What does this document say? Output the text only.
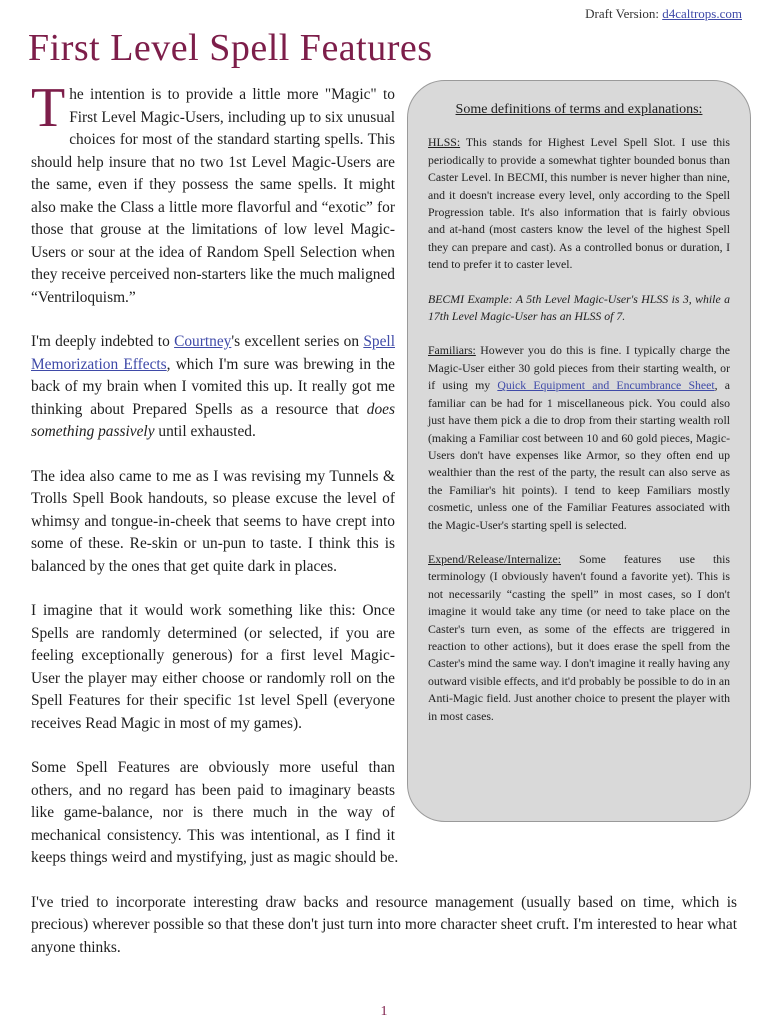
Draft Version: d4caltrops.com
First Level Spell Features
Some definitions of terms and explanations:

HLSS: This stands for Highest Level Spell Slot. I use this periodically to provide a somewhat tighter bounded bonus than Caster Level. In BECMI, this number is never higher than nine, and it doesn't increase every level, only according to the Spell Progression table. It's also information that is fairly obvious and at-hand (most casters know the level of the highest Spell they can prepare and cast). As a controlled bonus or duration, I tend to prefer it to caster level.

BECMI Example: A 5th Level Magic-User's HLSS is 3, while a 17th Level Magic-User has an HLSS of 7.

Familiars: However you do this is fine. I typically charge the Magic-User either 30 gold pieces from their starting wealth, or if using my Quick Equipment and Encumbrance Sheet, a familiar can be had for 1 miscellaneous pick. You could also just have them pick a die to drop from their starting wealth roll (making a Familiar cost between 10 and 60 gold pieces, Magic-Users don't have expenses like Armor, so they often end up wealthier than the rest of the party, the result can also serve as the Familiar's hit points). I tend to keep Familiars mostly cosmetic, unless one of the Familiar Features associated with the Magic-User's starting spell is selected.

Expend/Release/Internalize: Some features use this terminology (I obviously haven't found a favorite yet). This is not necessarily “casting the spell” in most cases, so I don't imagine it would take any time (or need to take place on the Caster's turn even, as some of the effects are triggered in reaction to other actions), but it does erase the spell from the Caster's mind the same way. I don't imagine it really having any outward visible effects, and it'd probably be possible to do in an Anti-Magic field. Just another choice to present the player with in most cases.

The intention is to provide a little more "Magic" to First Level Magic-Users, including up to six unusual choices for most of the standard starting spells. This should help insure that no two 1st Level Magic-Users are the same, even if they possess the same spells. It might also make the Class a little more flavorful and “exotic” for those that grouse at the limitations of low level Magic-Users or sour at the idea of Random Spell Selection when they receive perceived non-starters like the much maligned “Ventriloquism.”

I'm deeply indebted to Courtney's excellent series on Spell Memorization Effects, which I'm sure was brewing in the back of my brain when I vomited this up. It really got me thinking about Prepared Spells as a resource that does something passively until exhausted.

The idea also came to me as I was revising my Tunnels & Trolls Spell Book handouts, so please excuse the level of whimsy and tongue-in-cheek that seems to have crept into some of these. Re-skin or un-pun to taste. I think this is balanced by the ones that get quite dark in places.

I imagine that it would work something like this: Once Spells are randomly determined (or selected, if you are feeling exceptionally generous) for a first level Magic-User the player may either choose or randomly roll on the Spell Features for their specific 1st level Spell (everyone receives Read Magic in most of my games).

Some Spell Features are obviously more useful than others, and no regard has been paid to imaginary beasts like game-balance, nor is there much in the way of mechanical consistency. This was intentional, as I find it keeps things weird and mystifying, just as magic should be.

I've tried to incorporate interesting draw backs and resource management (usually based on time, which is precious) wherever possible so that these don't just turn into more character sheet cruft. I'm interested to hear what anyone thinks.

1
